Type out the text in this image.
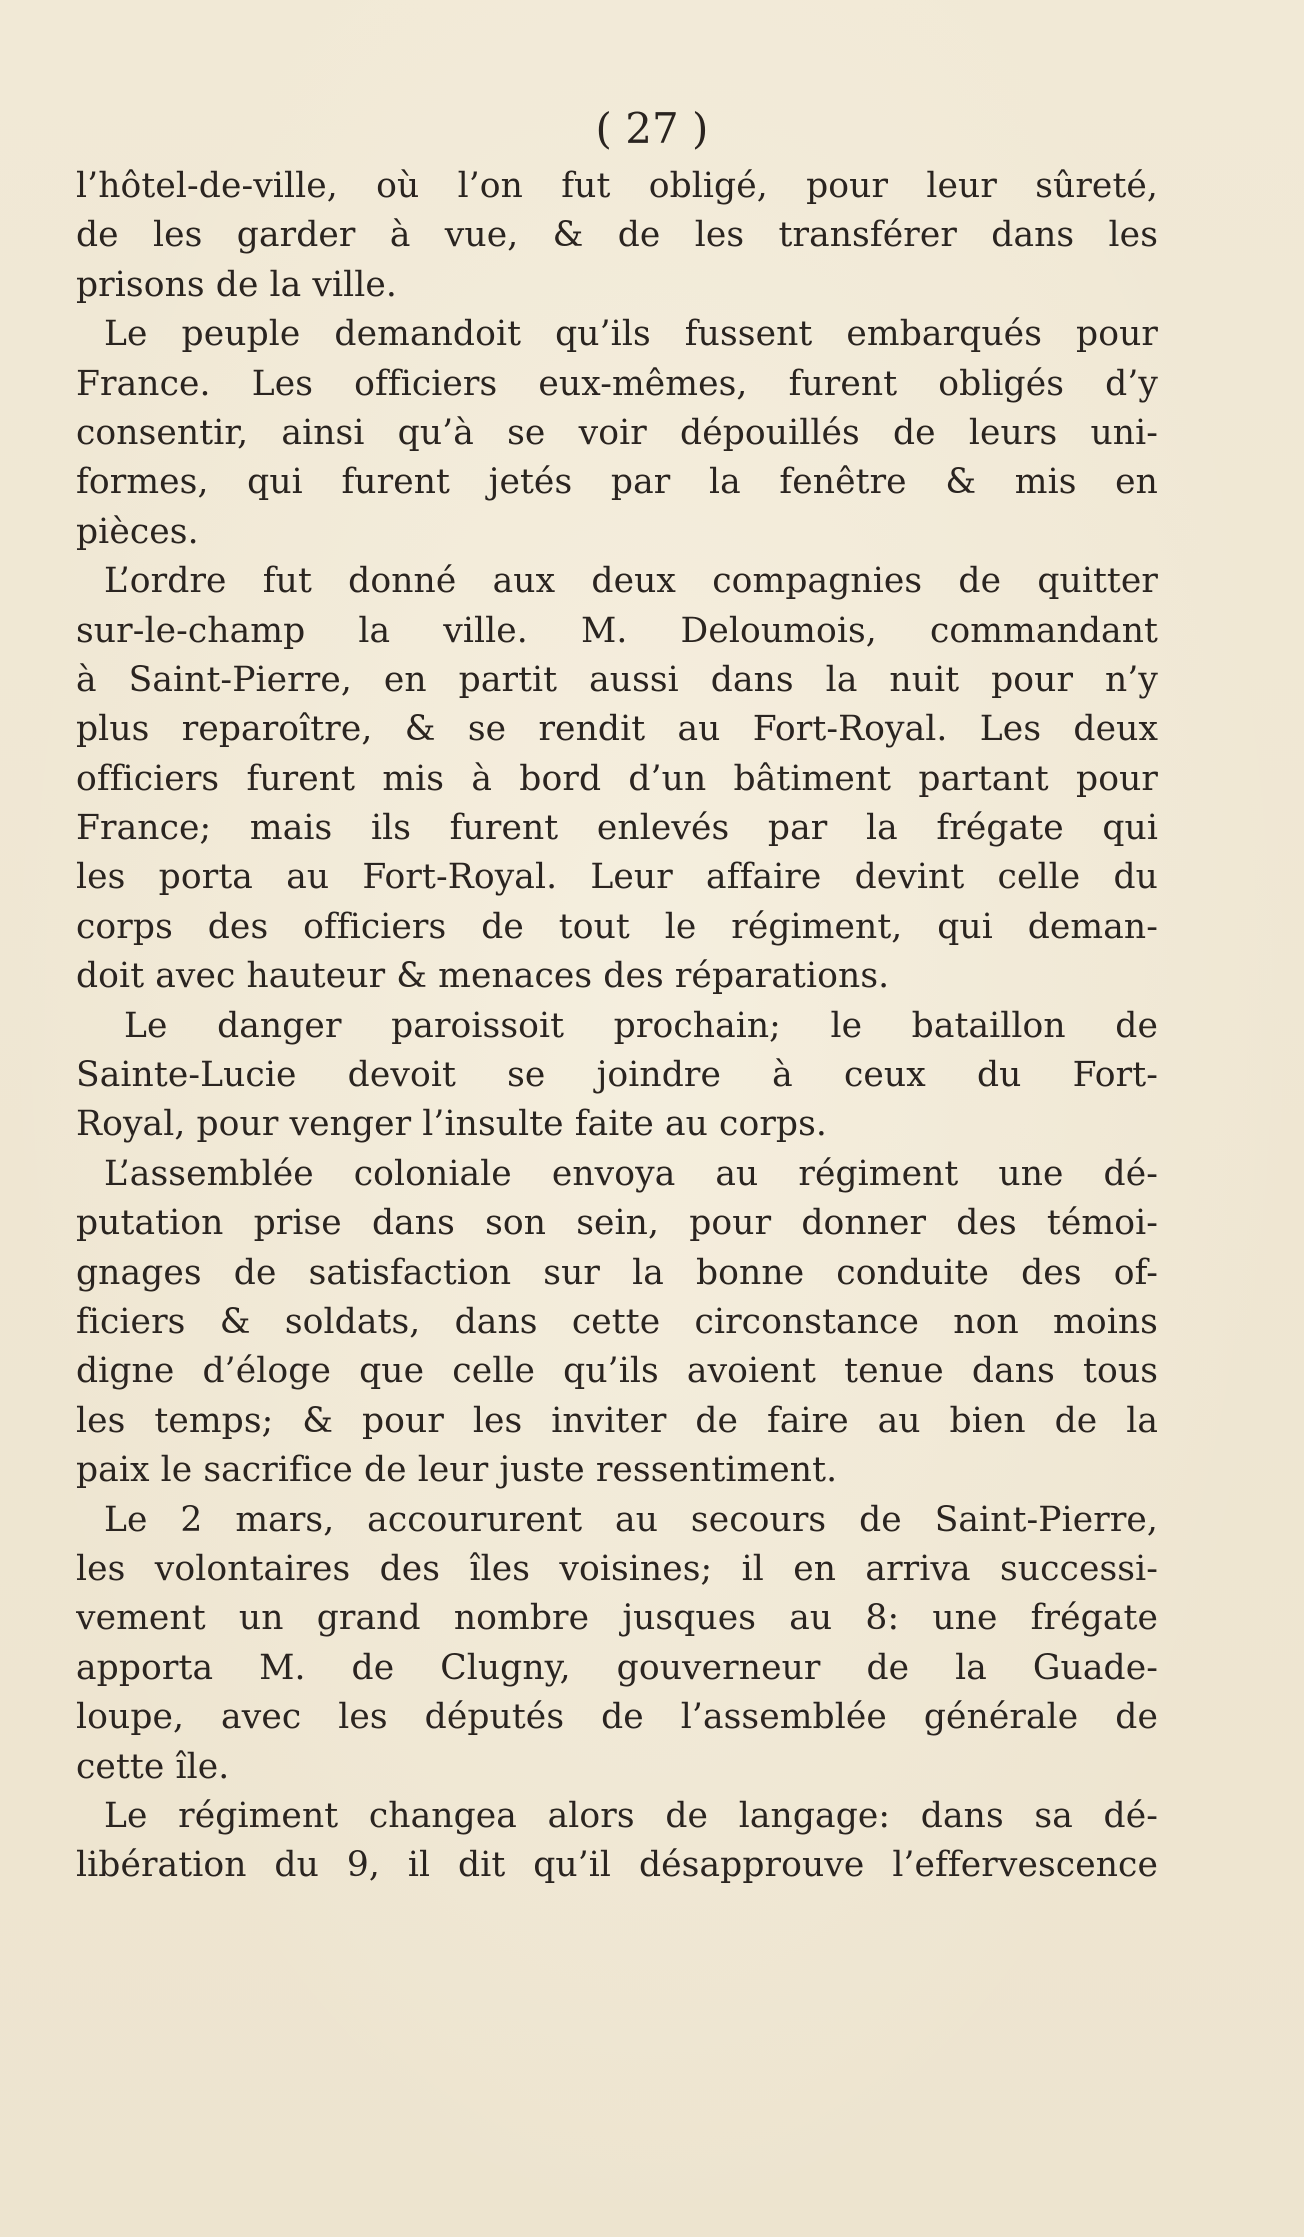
( 27 )
l’hôtel-de-ville, où l’on fut obligé, pour leur sûreté,
de les garder à vue, & de les transférer dans les
prisons de la ville.
Le peuple demandoit qu’ils fussent embarqués pour
France. Les officiers eux-mêmes, furent obligés d’y
consentir, ainsi qu’à se voir dépouillés de leurs uni-
formes, qui furent jetés par la fenêtre & mis en
pièces.
L’ordre fut donné aux deux compagnies de quitter
sur-le-champ la ville. M. Deloumois, commandant
à Saint-Pierre, en partit aussi dans la nuit pour n’y
plus reparoître, & se rendit au Fort-Royal. Les deux
officiers furent mis à bord d’un bâtiment partant pour
France; mais ils furent enlevés par la frégate qui
les porta au Fort-Royal. Leur affaire devint celle du
corps des officiers de tout le régiment, qui deman-
doit avec hauteur & menaces des réparations.
Le danger paroissoit prochain; le bataillon de
Sainte-Lucie devoit se joindre à ceux du Fort-
Royal, pour venger l’insulte faite au corps.
L’assemblée coloniale envoya au régiment une dé-
putation prise dans son sein, pour donner des témoi-
gnages de satisfaction sur la bonne conduite des of-
ficiers & soldats, dans cette circonstance non moins
digne d’éloge que celle qu’ils avoient tenue dans tous
les temps; & pour les inviter de faire au bien de la
paix le sacrifice de leur juste ressentiment.
Le 2 mars, accoururent au secours de Saint-Pierre,
les volontaires des îles voisines; il en arriva successi-
vement un grand nombre jusques au 8: une frégate
apporta M. de Clugny, gouverneur de la Guade-
loupe, avec les députés de l’assemblée générale de
cette île.
Le régiment changea alors de langage: dans sa dé-
libération du 9, il dit qu’il désapprouve l’effervescence
